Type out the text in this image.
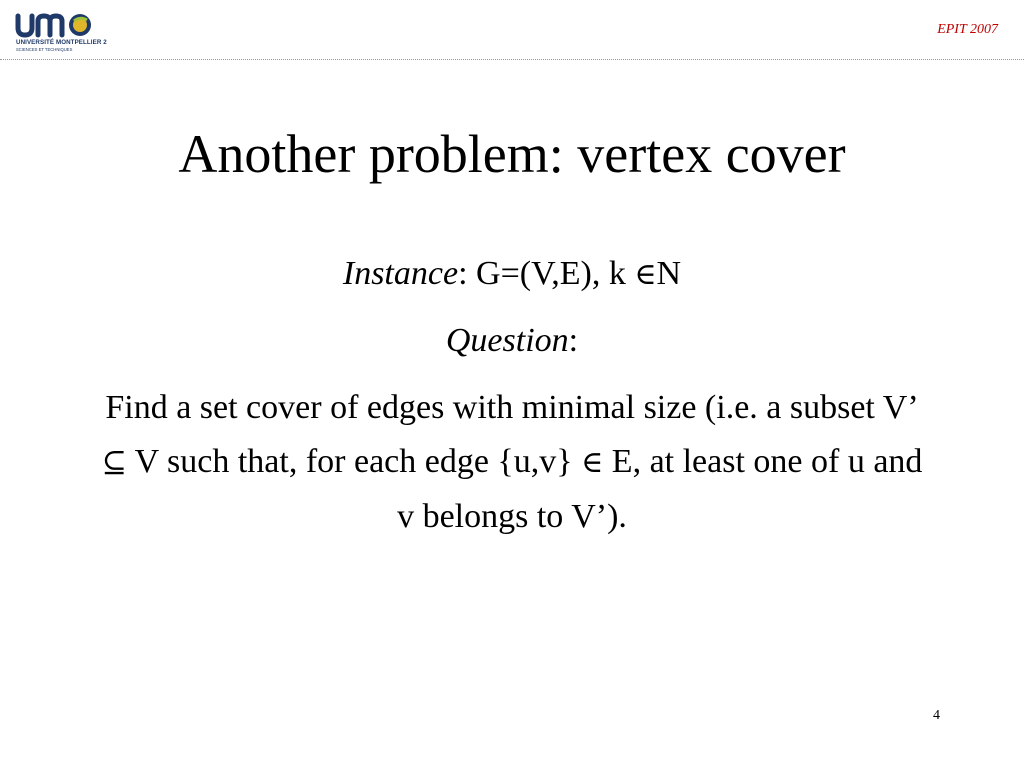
UNIVERSITÉ MONTPELLIER 2
SCIENCES ET TECHNIQUES
EPIT 2007
Another problem: vertex cover
Instance: G=(V,E), k ∈N
Question:
Find a set cover of edges with minimal size (i.e. a subset V’ ⊆ V such that, for each edge {u,v} ∈ E, at least one of u and v belongs to V’).
4
